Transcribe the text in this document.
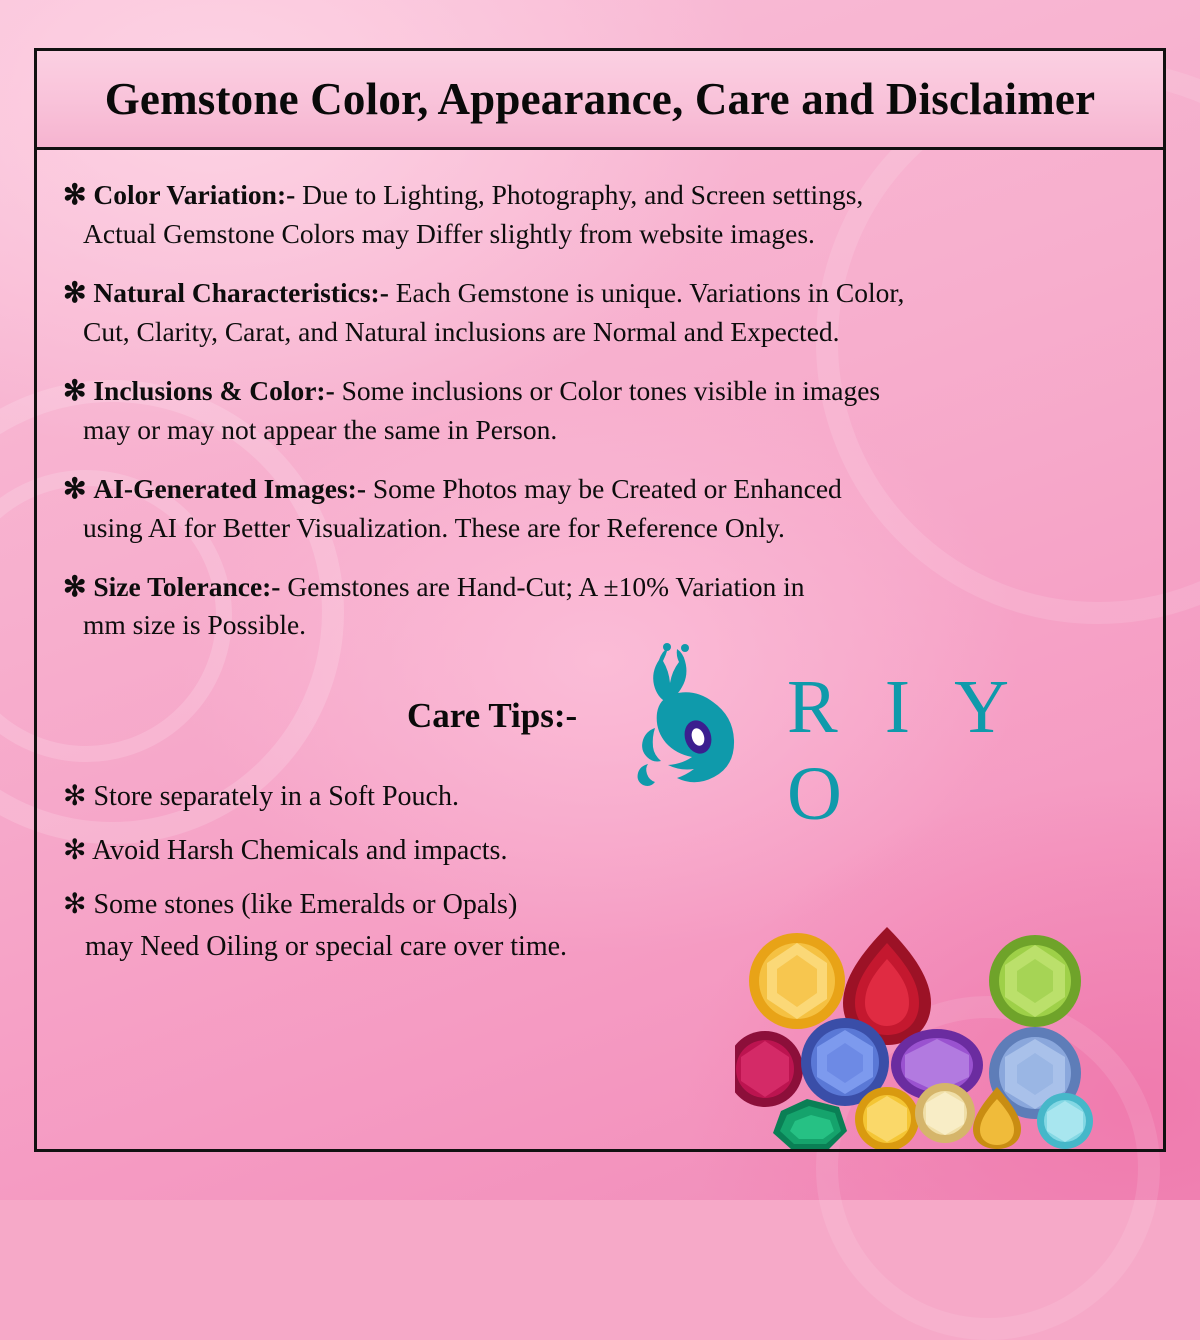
Gemstone Color, Appearance, Care and Disclaimer
✻ Color Variation:- Due to Lighting, Photography, and Screen settings,
Actual Gemstone Colors may Differ slightly from website images.
✻ Natural Characteristics:- Each Gemstone is unique. Variations in Color,
Cut, Clarity, Carat, and Natural inclusions are Normal and Expected.
✻ Inclusions & Color:- Some inclusions or Color tones visible in images
may or may not appear the same in Person.
✻ AI-Generated Images:- Some Photos may be Created or Enhanced
using AI for Better Visualization. These are for Reference Only.
✻ Size Tolerance:- Gemstones are Hand-Cut; A ±10% Variation in
mm size is Possible.
Care Tips:-	R I Y O
✻ Store separately in a Soft Pouch.
✻ Avoid Harsh Chemicals and impacts.
✻ Some stones (like Emeralds or Opals)
may Need Oiling or special care over time.
